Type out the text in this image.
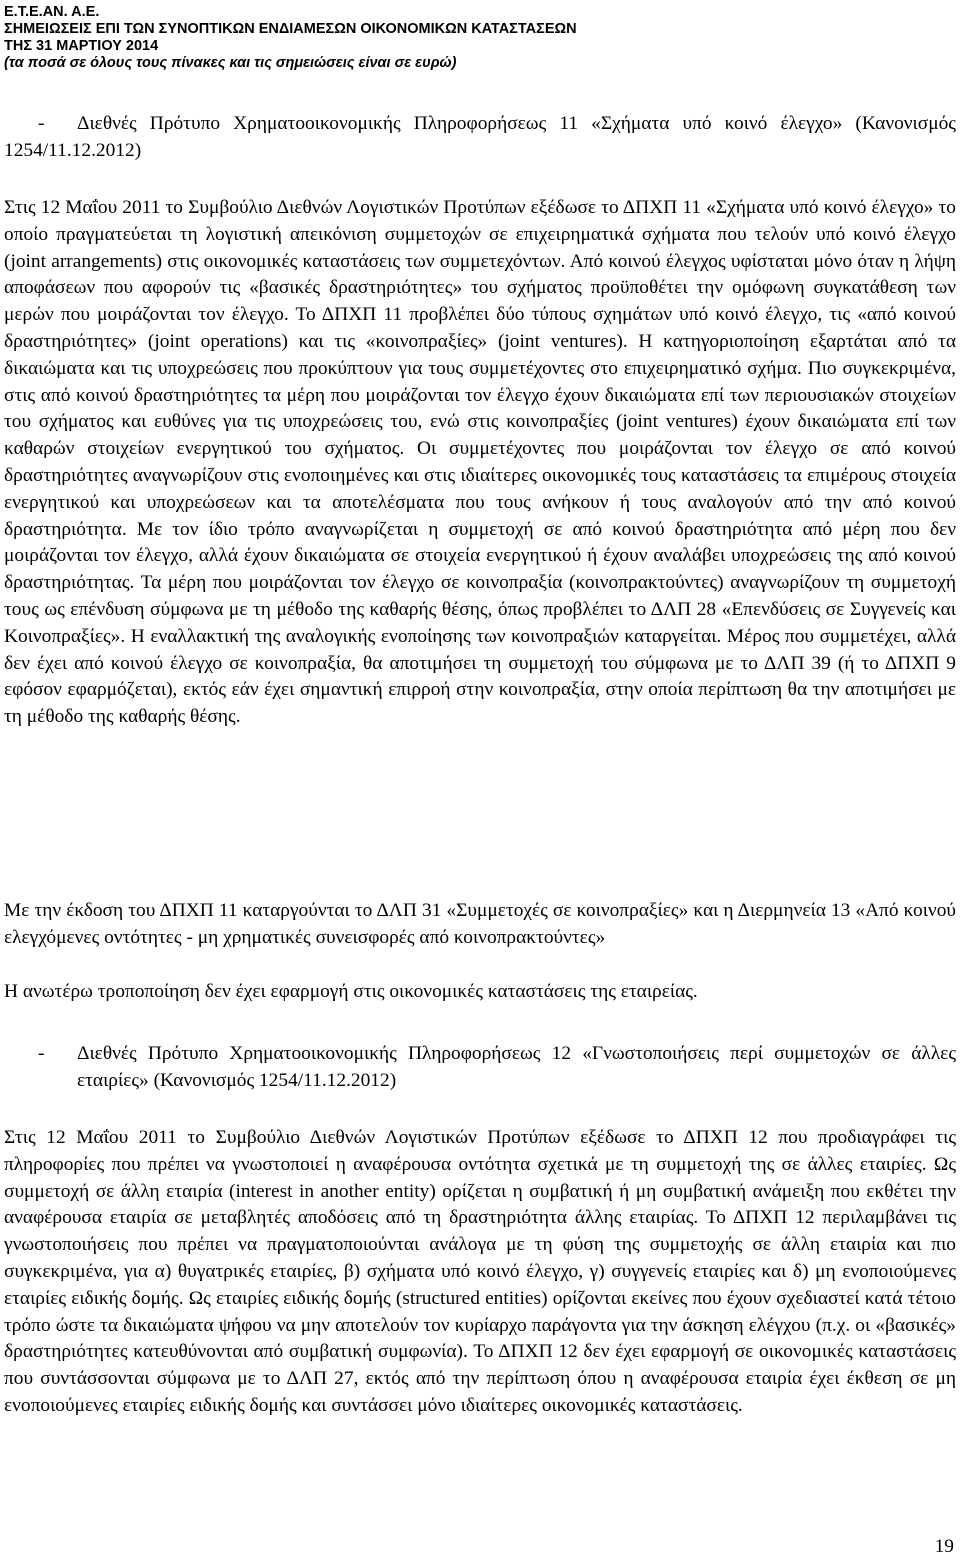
Ε.Τ.Ε.ΑΝ. Α.Ε.
ΣΗΜΕΙΩΣΕΙΣ ΕΠΙ ΤΩΝ ΣΥΝΟΠΤΙΚΩΝ ΕΝΔΙΑΜΕΣΩΝ ΟΙΚΟΝΟΜΙΚΩΝ ΚΑΤΑΣΤΑΣΕΩΝ
ΤΗΣ 31 ΜΑΡΤΙΟΥ 2014
(τα ποσά σε όλους τους πίνακες και τις σημειώσεις είναι σε ευρώ)
-	Διεθνές Πρότυπο Χρηματοοικονομικής Πληροφορήσεως 11 «Σχήματα υπό κοινό έλεγχο» (Κανονισμός 1254/11.12.2012)
Στις 12 Μαΐου 2011 το Συμβούλιο Διεθνών Λογιστικών Προτύπων εξέδωσε το ΔΠΧΠ 11 «Σχήματα υπό κοινό έλεγχο» το οποίο πραγματεύεται τη λογιστική απεικόνιση συμμετοχών σε επιχειρηματικά σχήματα που τελούν υπό κοινό έλεγχο (joint arrangements) στις οικονομικές καταστάσεις των συμμετεχόντων. Από κοινού έλεγχος υφίσταται μόνο όταν η λήψη αποφάσεων που αφορούν τις «βασικές δραστηριότητες» του σχήματος προϋποθέτει την ομόφωνη συγκατάθεση των μερών που μοιράζονται τον έλεγχο. Το ΔΠΧΠ 11 προβλέπει δύο τύπους σχημάτων υπό κοινό έλεγχο, τις «από κοινού δραστηριότητες» (joint operations) και τις «κοινοπραξίες» (joint ventures). Η κατηγοριοποίηση εξαρτάται από τα δικαιώματα και τις υποχρεώσεις που προκύπτουν για τους συμμετέχοντες στο επιχειρηματικό σχήμα. Πιο συγκεκριμένα, στις από κοινού δραστηριότητες τα μέρη που μοιράζονται τον έλεγχο έχουν δικαιώματα επί των περιουσιακών στοιχείων του σχήματος και ευθύνες για τις υποχρεώσεις του, ενώ στις κοινοπραξίες (joint ventures) έχουν δικαιώματα επί των καθαρών στοιχείων ενεργητικού του σχήματος. Οι συμμετέχοντες που μοιράζονται τον έλεγχο σε από κοινού δραστηριότητες αναγνωρίζουν στις ενοποιημένες και στις ιδιαίτερες οικονομικές τους καταστάσεις τα επιμέρους στοιχεία ενεργητικού και υποχρεώσεων και τα αποτελέσματα που τους ανήκουν ή τους αναλογούν από την από κοινού δραστηριότητα. Με τον ίδιο τρόπο αναγνωρίζεται η συμμετοχή σε από κοινού δραστηριότητα από μέρη που δεν μοιράζονται τον έλεγχο, αλλά έχουν δικαιώματα σε στοιχεία ενεργητικού ή έχουν αναλάβει υποχρεώσεις της από κοινού δραστηριότητας. Τα μέρη που μοιράζονται τον έλεγχο σε κοινοπραξία (κοινοπρακτούντες) αναγνωρίζουν τη συμμετοχή τους ως επένδυση σύμφωνα με τη μέθοδο της καθαρής θέσης, όπως προβλέπει το ΔΛΠ 28 «Επενδύσεις σε Συγγενείς και Κοινοπραξίες». Η εναλλακτική της αναλογικής ενοποίησης των κοινοπραξιών καταργείται. Μέρος που συμμετέχει, αλλά δεν έχει από κοινού έλεγχο σε κοινοπραξία, θα αποτιμήσει τη συμμετοχή του σύμφωνα με το ΔΛΠ 39 (ή το ΔΠΧΠ 9 εφόσον εφαρμόζεται), εκτός εάν έχει σημαντική επιρροή στην κοινοπραξία, στην οποία περίπτωση θα την αποτιμήσει με τη μέθοδο της καθαρής θέσης.
Με την έκδοση του ΔΠΧΠ 11 καταργούνται το ΔΛΠ 31 «Συμμετοχές σε κοινοπραξίες» και η Διερμηνεία 13 «Από κοινού ελεγχόμενες οντότητες - μη χρηματικές συνεισφορές από κοινοπρακτούντες»
Η ανωτέρω τροποποίηση δεν έχει εφαρμογή στις οικονομικές καταστάσεις της εταιρείας.
-	Διεθνές Πρότυπο Χρηματοοικονομικής Πληροφορήσεως 12 «Γνωστοποιήσεις περί συμμετοχών σε άλλες εταιρίες» (Κανονισμός 1254/11.12.2012)
Στις 12 Μαΐου 2011 το Συμβούλιο Διεθνών Λογιστικών Προτύπων εξέδωσε το ΔΠΧΠ 12 που προδιαγράφει τις πληροφορίες που πρέπει να γνωστοποιεί η αναφέρουσα οντότητα σχετικά με τη συμμετοχή της σε άλλες εταιρίες. Ως συμμετοχή σε άλλη εταιρία (interest in another entity) ορίζεται η συμβατική ή μη συμβατική ανάμειξη που εκθέτει την αναφέρουσα εταιρία σε μεταβλητές αποδόσεις από τη δραστηριότητα άλλης εταιρίας. Το ΔΠΧΠ 12 περιλαμβάνει τις γνωστοποιήσεις που πρέπει να πραγματοποιούνται ανάλογα με τη φύση της συμμετοχής σε άλλη εταιρία και πιο συγκεκριμένα, για α) θυγατρικές εταιρίες, β) σχήματα υπό κοινό έλεγχο, γ) συγγενείς εταιρίες και δ) μη ενοποιούμενες εταιρίες ειδικής δομής. Ως εταιρίες ειδικής δομής (structured entities) ορίζονται εκείνες που έχουν σχεδιαστεί κατά τέτοιο τρόπο ώστε τα δικαιώματα ψήφου να μην αποτελούν τον κυρίαρχο παράγοντα για την άσκηση ελέγχου (π.χ. οι «βασικές» δραστηριότητες κατευθύνονται από συμβατική συμφωνία). Το ΔΠΧΠ 12 δεν έχει εφαρμογή σε οικονομικές καταστάσεις που συντάσσονται σύμφωνα με το ΔΛΠ 27, εκτός από την περίπτωση όπου η αναφέρουσα εταιρία έχει έκθεση σε μη ενοποιούμενες εταιρίες ειδικής δομής και συντάσσει μόνο ιδιαίτερες οικονομικές καταστάσεις.
19
